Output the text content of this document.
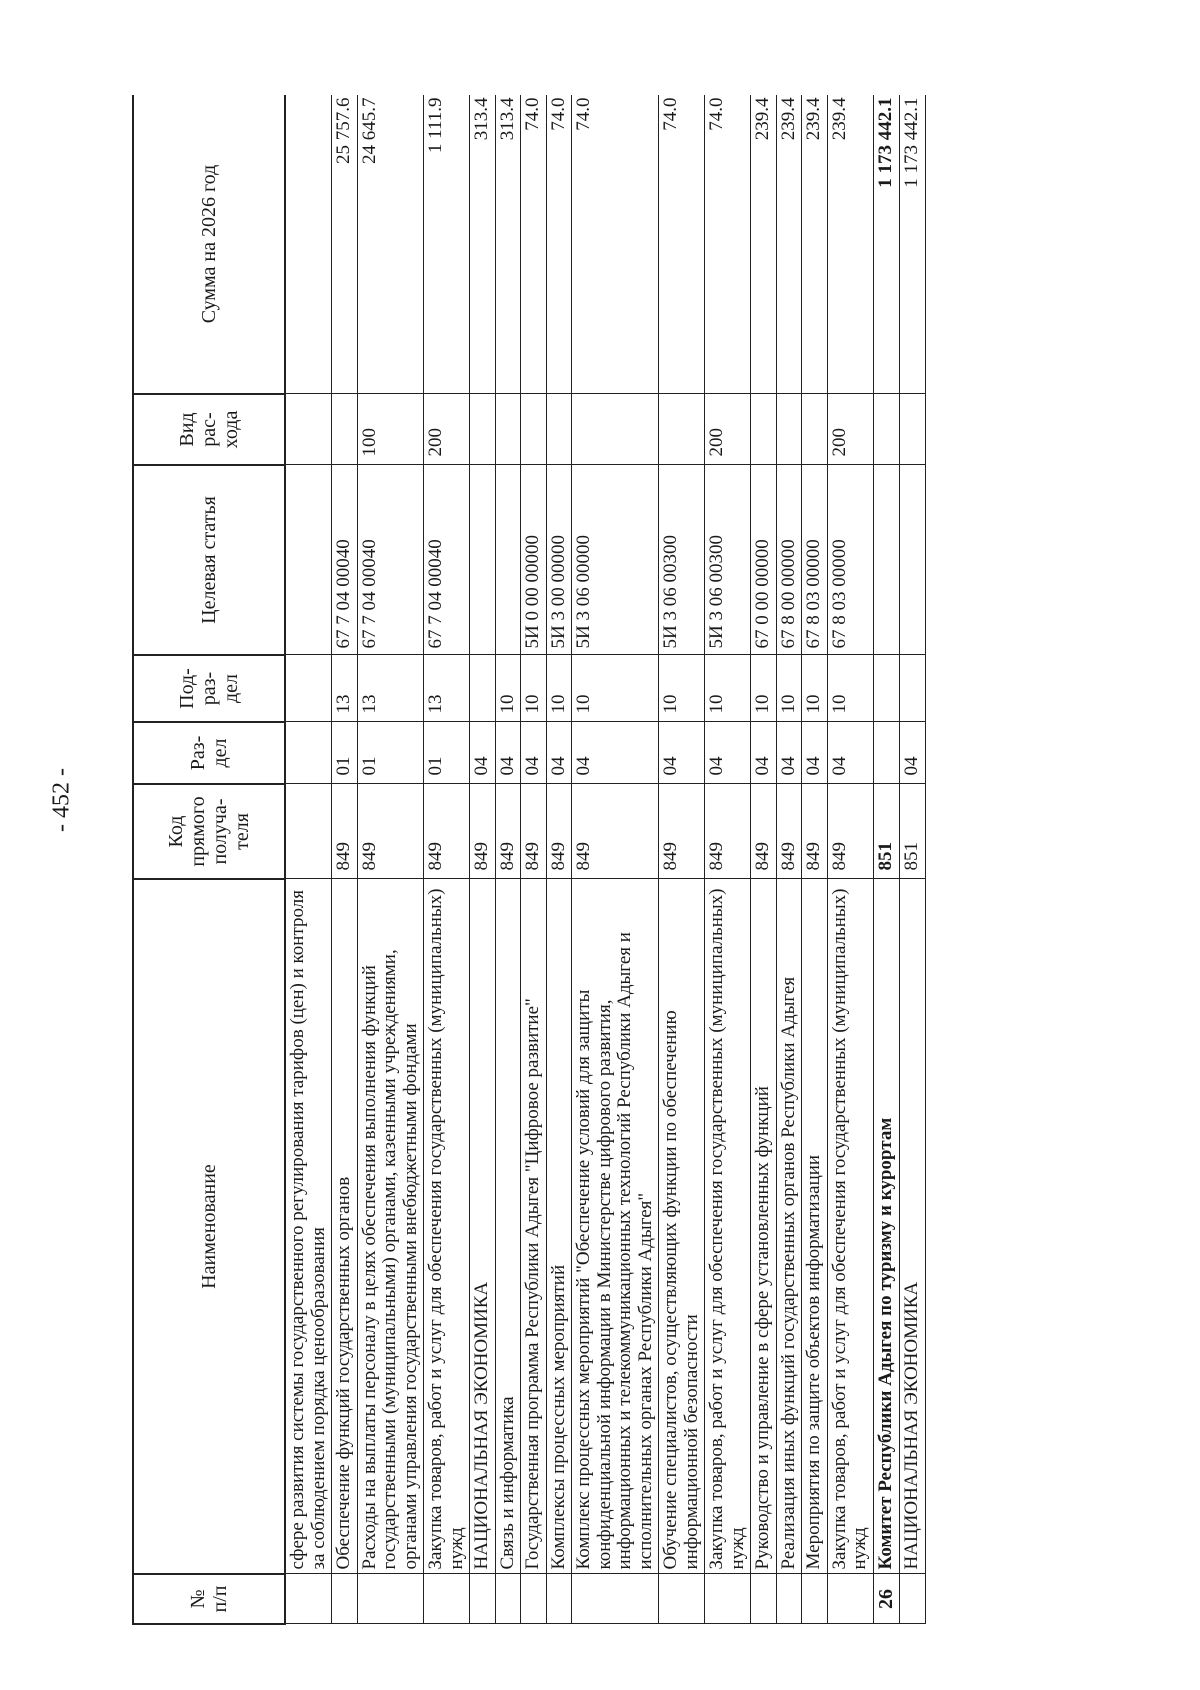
- 452 -
№ п/п	Наименование	Код прямого получа-теля	Раз-дел	Под-раз-дел	Целевая статья	Вид рас-хода	Сумма на 2026 год
	сфере развития системы государственного регулирования тарифов (цен) и контроля за соблюдением порядка ценообразования						
	Обеспечение функций государственных органов	849	01	13	67 7 04 00040		25 757.6
	Расходы на выплаты персоналу в целях обеспечения выполнения функций государственными (муниципальными) органами, казенными учреждениями, органами управления государственными внебюджетными фондами	849	01	13	67 7 04 00040	100	24 645.7
	Закупка товаров, работ и услуг для обеспечения государственных (муниципальных) нужд	849	01	13	67 7 04 00040	200	1 111.9
	НАЦИОНАЛЬНАЯ ЭКОНОМИКА	849	04				313.4
	Связь и информатика	849	04	10			313.4
	Государственная программа Республики Адыгея "Цифровое развитие"	849	04	10	5И 0 00 00000		74.0
	Комплексы процессных мероприятий	849	04	10	5И 3 00 00000		74.0
	Комплекс процессных мероприятий "Обеспечение условий для защиты конфиденциальной информации в Министерстве цифрового развития, информационных и телекоммуникационных технологий Республики Адыгея и исполнительных органах Республики Адыгея"	849	04	10	5И 3 06 00000		74.0
	Обучение специалистов, осуществляющих функции по обеспечению информационной безопасности	849	04	10	5И 3 06 00300		74.0
	Закупка товаров, работ и услуг для обеспечения государственных (муниципальных) нужд	849	04	10	5И 3 06 00300	200	74.0
	Руководство и управление в сфере установленных функций	849	04	10	67 0 00 00000		239.4
	Реализация иных функций государственных органов Республики Адыгея	849	04	10	67 8 00 00000		239.4
	Мероприятия по защите объектов информатизации	849	04	10	67 8 03 00000		239.4
	Закупка товаров, работ и услуг для обеспечения государственных (муниципальных) нужд	849	04	10	67 8 03 00000	200	239.4
26	Комитет Республики Адыгея по туризму и курортам	851					1 173 442.1
	НАЦИОНАЛЬНАЯ ЭКОНОМИКА	851	04				1 173 442.1
